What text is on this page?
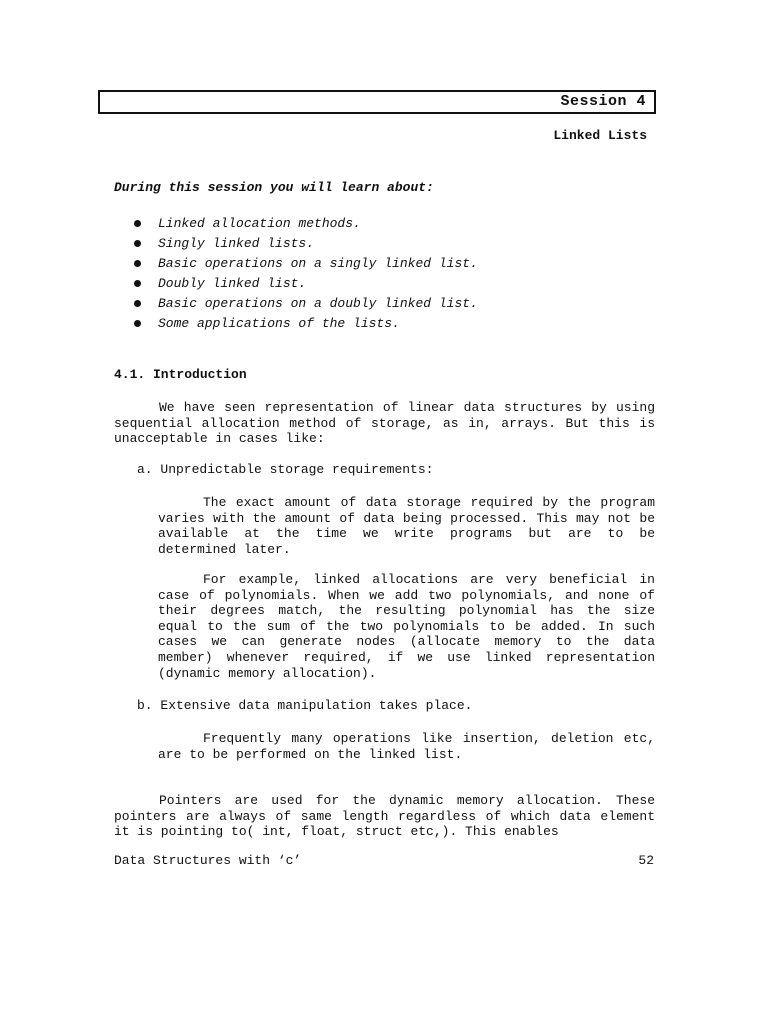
Session 4
Linked Lists
During this session you will learn about:
Linked allocation methods.
Singly linked lists.
Basic operations on a singly linked list.
Doubly linked list.
Basic operations on a doubly linked list.
Some applications of the lists.
4.1. Introduction

We have seen representation of linear data structures by using sequential allocation method of storage, as in, arrays. But this is unacceptable in cases like:

a. Unpredictable storage requirements:

The exact amount of data storage required by the program varies with the amount of data being processed. This may not be available at the time we write programs but are to be determined later.

For example, linked allocations are very beneficial in case of polynomials. When we add two polynomials, and none of their degrees match, the resulting polynomial has the size equal to the sum of the two polynomials to be added. In such cases we can generate nodes (allocate memory to the data member) whenever required, if we use linked representation (dynamic memory allocation).

b. Extensive data manipulation takes place.

Frequently many operations like insertion, deletion etc, are to be performed on the linked list.

Pointers are used for the dynamic memory allocation. These pointers are always of same length regardless of which data element it is pointing to( int, float, struct etc,). This enables

Data Structures with ‘c’	52
